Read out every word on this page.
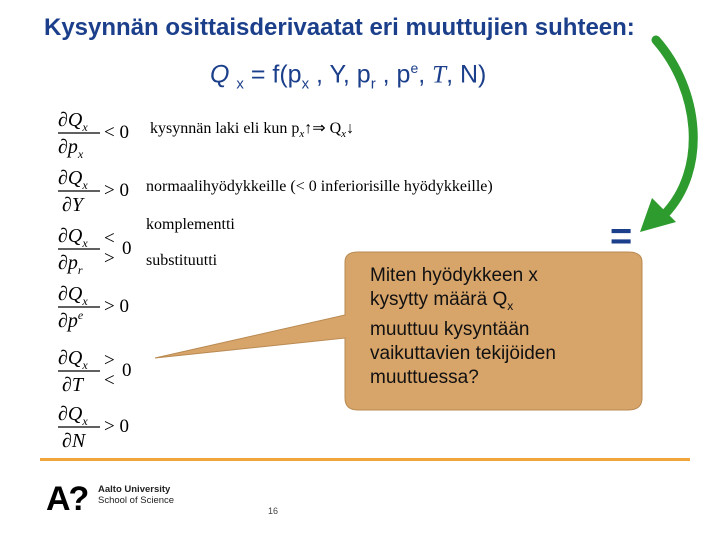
Kysynnän osittaisderivaatat eri muuttujien suhteen:
Q $_x = f(p_x$ , Y, $p_r$ , $p^e$, T, N)
Miten hyödykkeen x
kysytty määrä $Q_x$
muuttuu kysyntään
vaikuttavien tekijöiden
muuttuessa?
=
$\partial Q_x$
$\partial p_x$
< 0 kysynnän laki eli kun $p_x↑\Rightarrow$ $Q_x↓$
$\partial Q_x$
∂Y
> 0 normaalihyödykkeille (< 0 inferiorisille hyödykkeille)
$\partial Q_x$
$\partial p_r$
<
> 0
komplementti
substituutti
$\partial Q_x$
$\partial p^e > 0$
$\partial Q_x$
∂T
>
< 0
$\partial Q_x$
∂N
> 0
A? Aalto University
School of Science
16
